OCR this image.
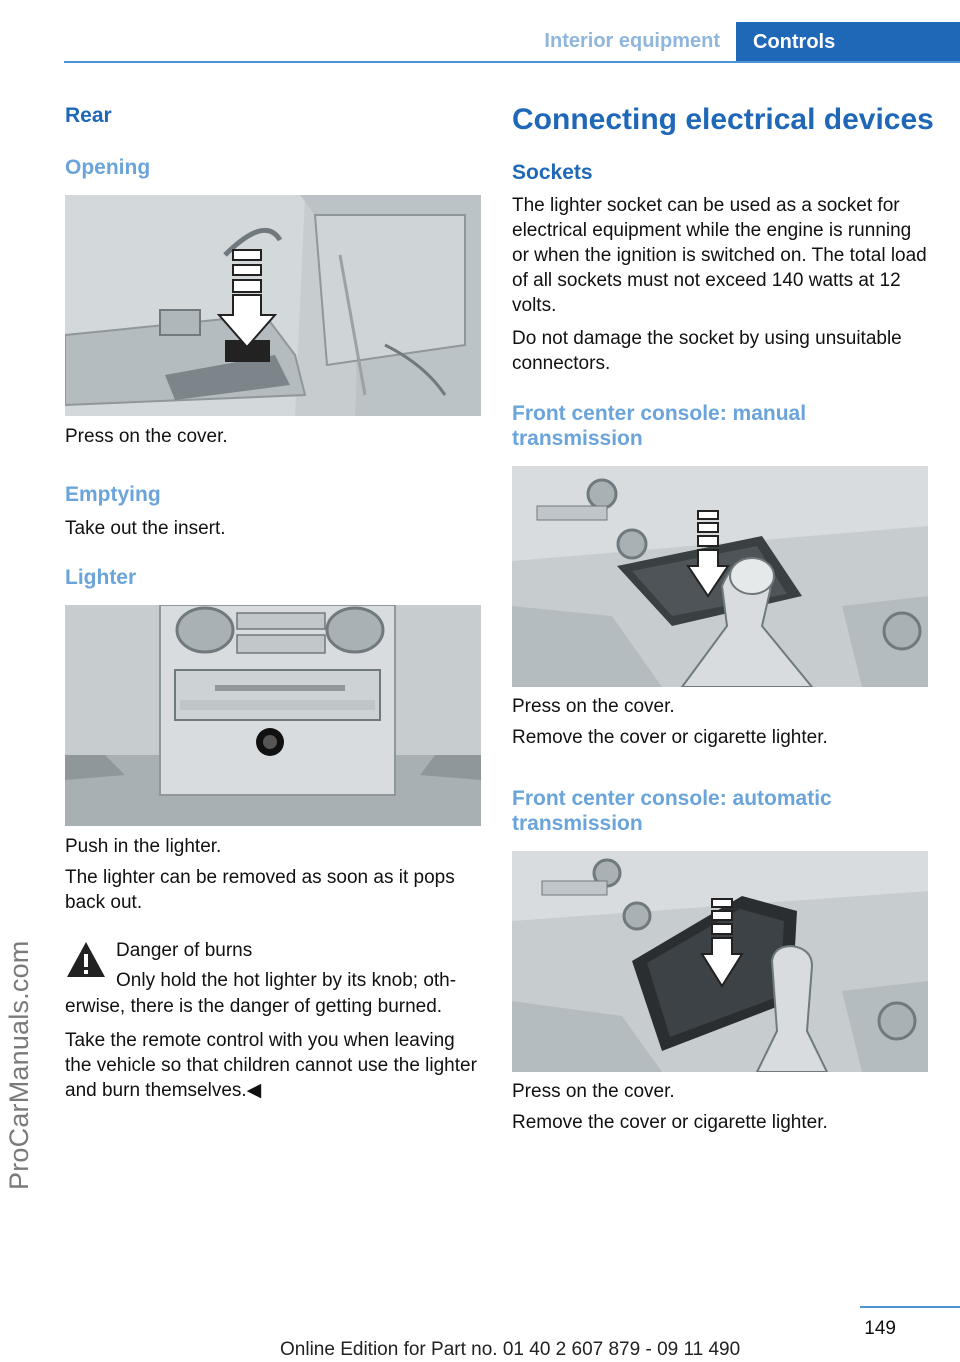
Interior equipment	Controls
ProCarManuals.com
Rear
Opening

Press on the cover.

Emptying

Take out the insert.

Lighter

Push in the lighter.

The lighter can be removed as soon as it pops back out.

Danger of burns

Only hold the hot lighter by its knob; oth‐

erwise, there is the danger of getting burned.

Take the remote control with you when leaving the vehicle so that children cannot use the lighter and burn themselves.◀

Connecting electrical devices
Sockets

The lighter socket can be used as a socket for electrical equipment while the engine is running or when the ignition is switched on. The total load of all sockets must not exceed 140 watts at 12 volts.

Do not damage the socket by using unsuitable connectors.

Front center console: manual transmission

Press on the cover.

Remove the cover or cigarette lighter.

Front center console: automatic transmission

Press on the cover.

Remove the cover or cigarette lighter.

149
Online Edition for Part no. 01 40 2 607 879 - 09 11 490
